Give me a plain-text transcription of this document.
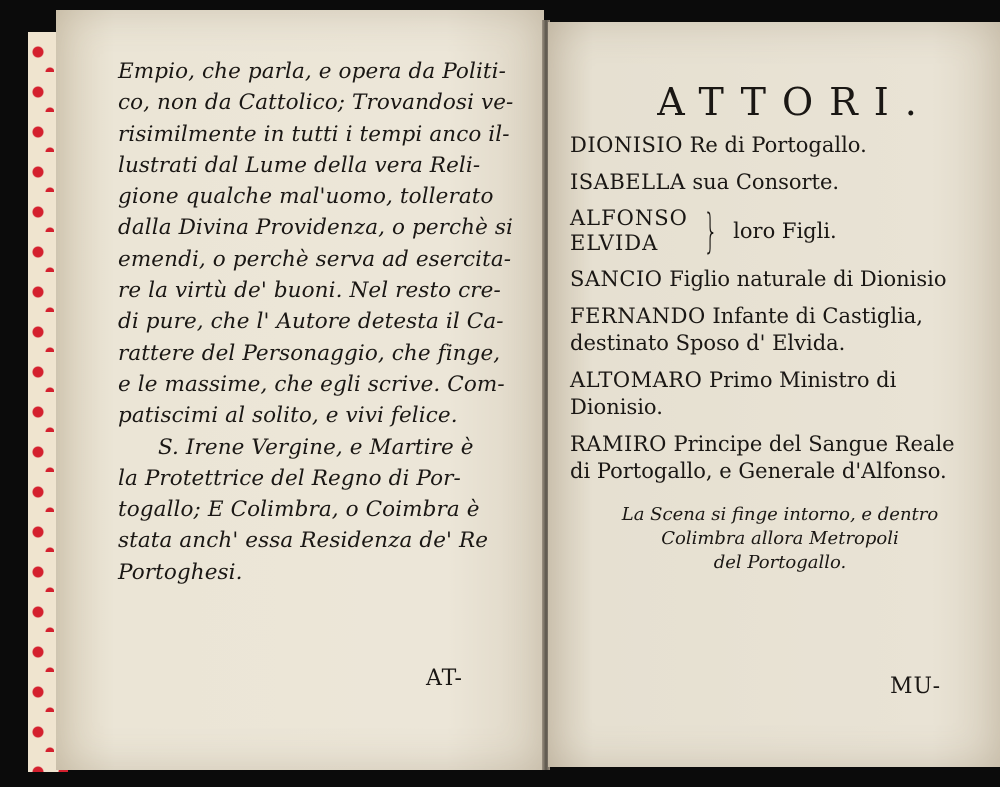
Empio, che parla, e opera da Politi-
co, non da Cattolico; Trovandosi ve-
risimilmente in tutti i tempi anco il-
lustrati dal Lume della vera Reli-
gione qualche mal'uomo, tollerato
dalla Divina Providenza, o perchè si
emendi, o perchè serva ad esercita-
re la virtù de' buoni. Nel resto cre-
di pure, che l' Autore detesta il Ca-
rattere del Personaggio, che finge,
e le massime, che egli scrive. Com-
patiscimi al solito, e vivi felice.
S. Irene Vergine, e Martire è
la Protettrice del Regno di Por-
togallo; E Colimbra, o Coimbra è
stata anch' essa Residenza de' Re
Portoghesi.
AT-
ATTORI.
DIONISIO Re di Portogallo.
ISABELLA sua Consorte.
ALFONSO
ELVIDA } loro Figli.
SANCIO Figlio naturale di Dionisio
FERNANDO Infante di Castiglia,
destinato Sposo d' Elvida.
ALTOMARO Primo Ministro di
Dionisio.
RAMIRO Principe del Sangue Reale
di Portogallo, e Generale d'Alfonso.
La Scena si finge intorno, e dentro
Colimbra allora Metropoli
del Portogallo.
MU-
